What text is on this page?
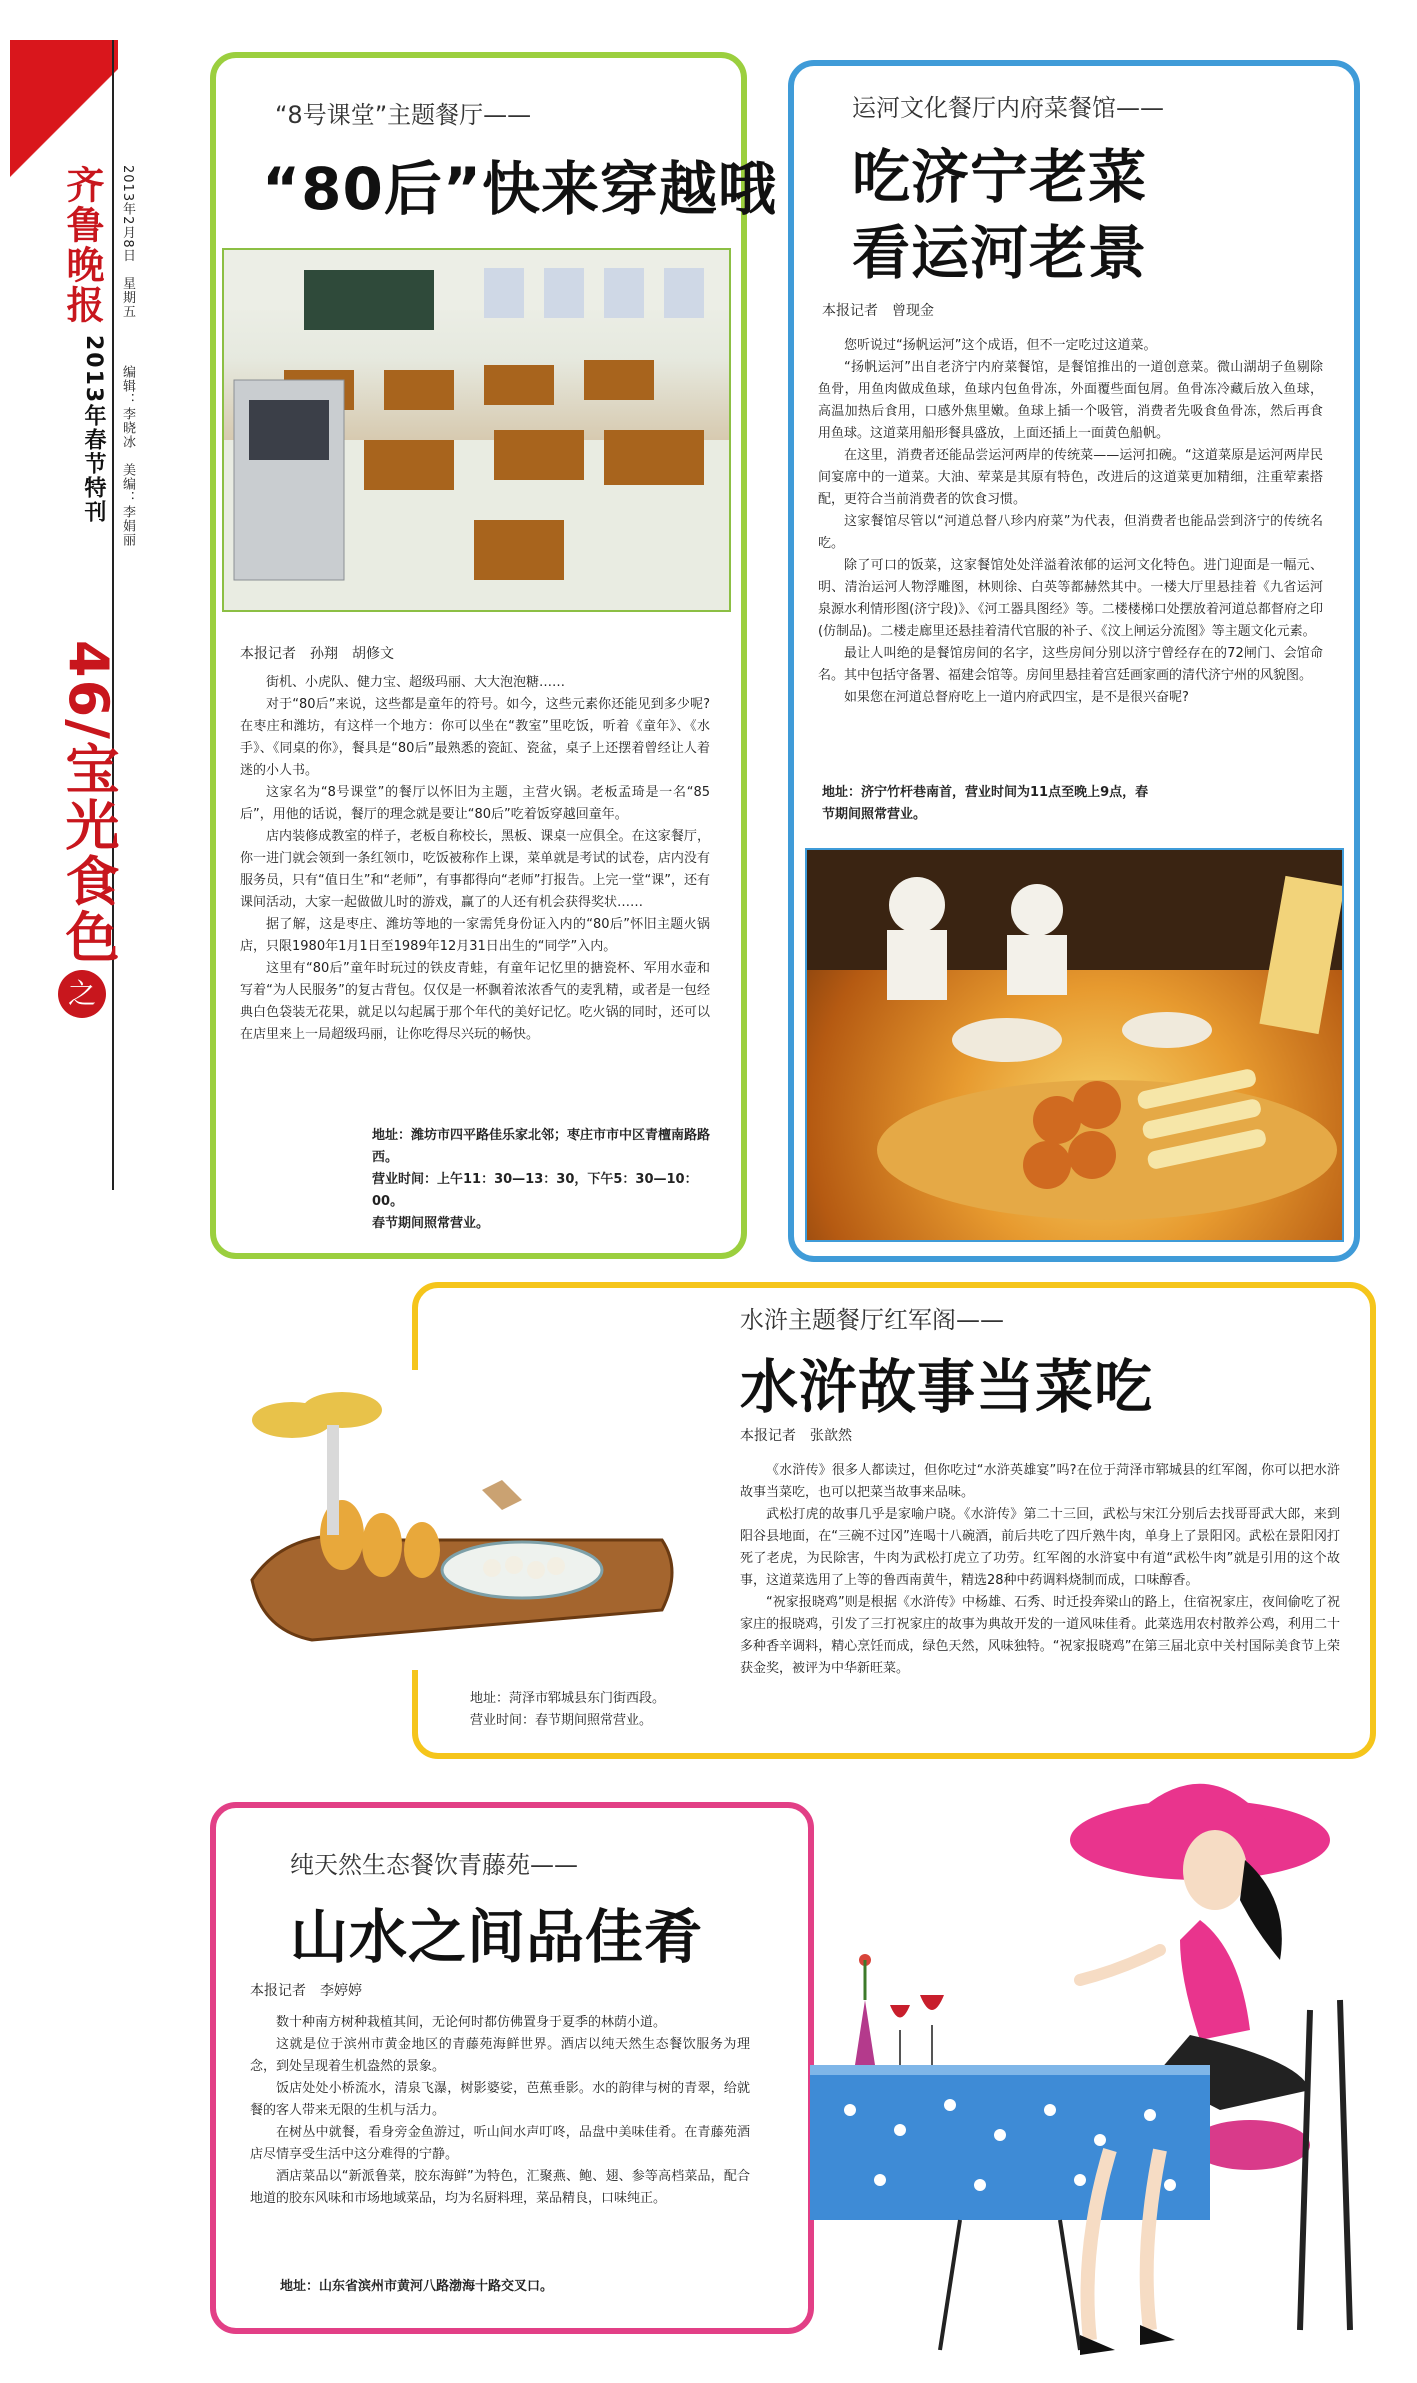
齐鲁晚报	2013年2月8日　星期五
2013年春节特刊 编辑：李晓冰　美编：李娟丽
46/宝光食色
之
“8号课堂”主题餐厅——
“80后”快来穿越哦
本报记者　孙翔　胡修文

街机、小虎队、健力宝、超级玛丽、大大泡泡糖……

对于“80后”来说，这些都是童年的符号。如今，这些元素你还能见到多少呢?在枣庄和潍坊，有这样一个地方：你可以坐在“教室”里吃饭，听着《童年》、《水手》、《同桌的你》，餐具是“80后”最熟悉的瓷缸、瓷盆，桌子上还摆着曾经让人着迷的小人书。

这家名为“8号课堂”的餐厅以怀旧为主题，主营火锅。老板孟琦是一名“85后”，用他的话说，餐厅的理念就是要让“80后”吃着饭穿越回童年。

店内装修成教室的样子，老板自称校长，黑板、课桌一应俱全。在这家餐厅，你一进门就会领到一条红领巾，吃饭被称作上课，菜单就是考试的试卷，店内没有服务员，只有“值日生”和“老师”，有事都得向“老师”打报告。上完一堂“课”，还有课间活动，大家一起做做儿时的游戏，赢了的人还有机会获得奖状……

据了解，这是枣庄、潍坊等地的一家需凭身份证入内的“80后”怀旧主题火锅店，只限1980年1月1日至1989年12月31日出生的“同学”入内。

这里有“80后”童年时玩过的铁皮青蛙，有童年记忆里的搪瓷杯、军用水壶和写着“为人民服务”的复古背包。仅仅是一杯飘着浓浓香气的麦乳精，或者是一包经典白色袋装无花果，就足以勾起属于那个年代的美好记忆。吃火锅的同时，还可以在店里来上一局超级玛丽，让你吃得尽兴玩的畅快。

地址：潍坊市四平路佳乐家北邻；枣庄市市中区青檀南路路西。
营业时间：上午11：30—13：30，下午5：30—10：00。
春节期间照常营业。
运河文化餐厅内府菜餐馆——
吃济宁老菜
看运河老景
本报记者　曾现金

您听说过“扬帆运河”这个成语，但不一定吃过这道菜。

“扬帆运河”出自老济宁内府菜餐馆，是餐馆推出的一道创意菜。微山湖胡子鱼剔除鱼骨，用鱼肉做成鱼球，鱼球内包鱼骨冻，外面覆些面包屑。鱼骨冻冷藏后放入鱼球，高温加热后食用，口感外焦里嫩。鱼球上插一个吸管，消费者先吸食鱼骨冻，然后再食用鱼球。这道菜用船形餐具盛放，上面还插上一面黄色船帆。

在这里，消费者还能品尝运河两岸的传统菜——运河扣碗。“这道菜原是运河两岸民间宴席中的一道菜。大油、荤菜是其原有特色，改进后的这道菜更加精细，注重荤素搭配，更符合当前消费者的饮食习惯。

这家餐馆尽管以“河道总督八珍内府菜”为代表，但消费者也能品尝到济宁的传统名吃。

除了可口的饭菜，这家餐馆处处洋溢着浓郁的运河文化特色。进门迎面是一幅元、明、清治运河人物浮雕图，林则徐、白英等都赫然其中。一楼大厅里悬挂着《九省运河泉源水利情形图(济宁段)》、《河工器具图经》等。二楼楼梯口处摆放着河道总都督府之印(仿制品)。二楼走廊里还悬挂着清代官服的补子、《汶上闸运分流图》等主题文化元素。

最让人叫绝的是餐馆房间的名字，这些房间分别以济宁曾经存在的72闸门、会馆命名。其中包括守备署、福建会馆等。房间里悬挂着宫廷画家画的清代济宁州的风貌图。

如果您在河道总督府吃上一道内府武四宝，是不是很兴奋呢?

地址：济宁竹杆巷南首，营业时间为11点至晚上9点，春节期间照常营业。
水浒主题餐厅红军阁——
水浒故事当菜吃
本报记者　张歆然

《水浒传》很多人都读过，但你吃过“水浒英雄宴”吗?在位于菏泽市郓城县的红军阁，你可以把水浒故事当菜吃，也可以把菜当故事来品味。

武松打虎的故事几乎是家喻户晓。《水浒传》第二十三回，武松与宋江分别后去找哥哥武大郎，来到阳谷县地面，在“三碗不过冈”连喝十八碗酒，前后共吃了四斤熟牛肉，单身上了景阳冈。武松在景阳冈打死了老虎，为民除害，牛肉为武松打虎立了功劳。红军阁的水浒宴中有道“武松牛肉”就是引用的这个故事，这道菜选用了上等的鲁西南黄牛，精选28种中药调料烧制而成，口味醇香。

“祝家报晓鸡”则是根据《水浒传》中杨雄、石秀、时迁投奔梁山的路上，住宿祝家庄，夜间偷吃了祝家庄的报晓鸡，引发了三打祝家庄的故事为典故开发的一道风味佳肴。此菜选用农村散养公鸡，利用二十多种香辛调料，精心烹饪而成，绿色天然，风味独特。“祝家报晓鸡”在第三届北京中关村国际美食节上荣获金奖，被评为中华新旺菜。

地址：菏泽市郓城县东门街西段。
营业时间：春节期间照常营业。
纯天然生态餐饮青藤苑——
山水之间品佳肴
本报记者　李婷婷

数十种南方树种栽植其间，无论何时都仿佛置身于夏季的林荫小道。

这就是位于滨州市黄金地区的青藤苑海鲜世界。酒店以纯天然生态餐饮服务为理念，到处呈现着生机盎然的景象。

饭店处处小桥流水，清泉飞瀑，树影婆娑，芭蕉垂影。水的韵律与树的青翠，给就餐的客人带来无限的生机与活力。

在树丛中就餐，看身旁金鱼游过，听山间水声叮咚，品盘中美味佳肴。在青藤苑酒店尽情享受生活中这分难得的宁静。

酒店菜品以“新派鲁菜，胶东海鲜”为特色，汇聚燕、鲍、翅、参等高档菜品，配合地道的胶东风味和市场地域菜品，均为名厨料理，菜品精良，口味纯正。

地址：山东省滨州市黄河八路渤海十路交叉口。
